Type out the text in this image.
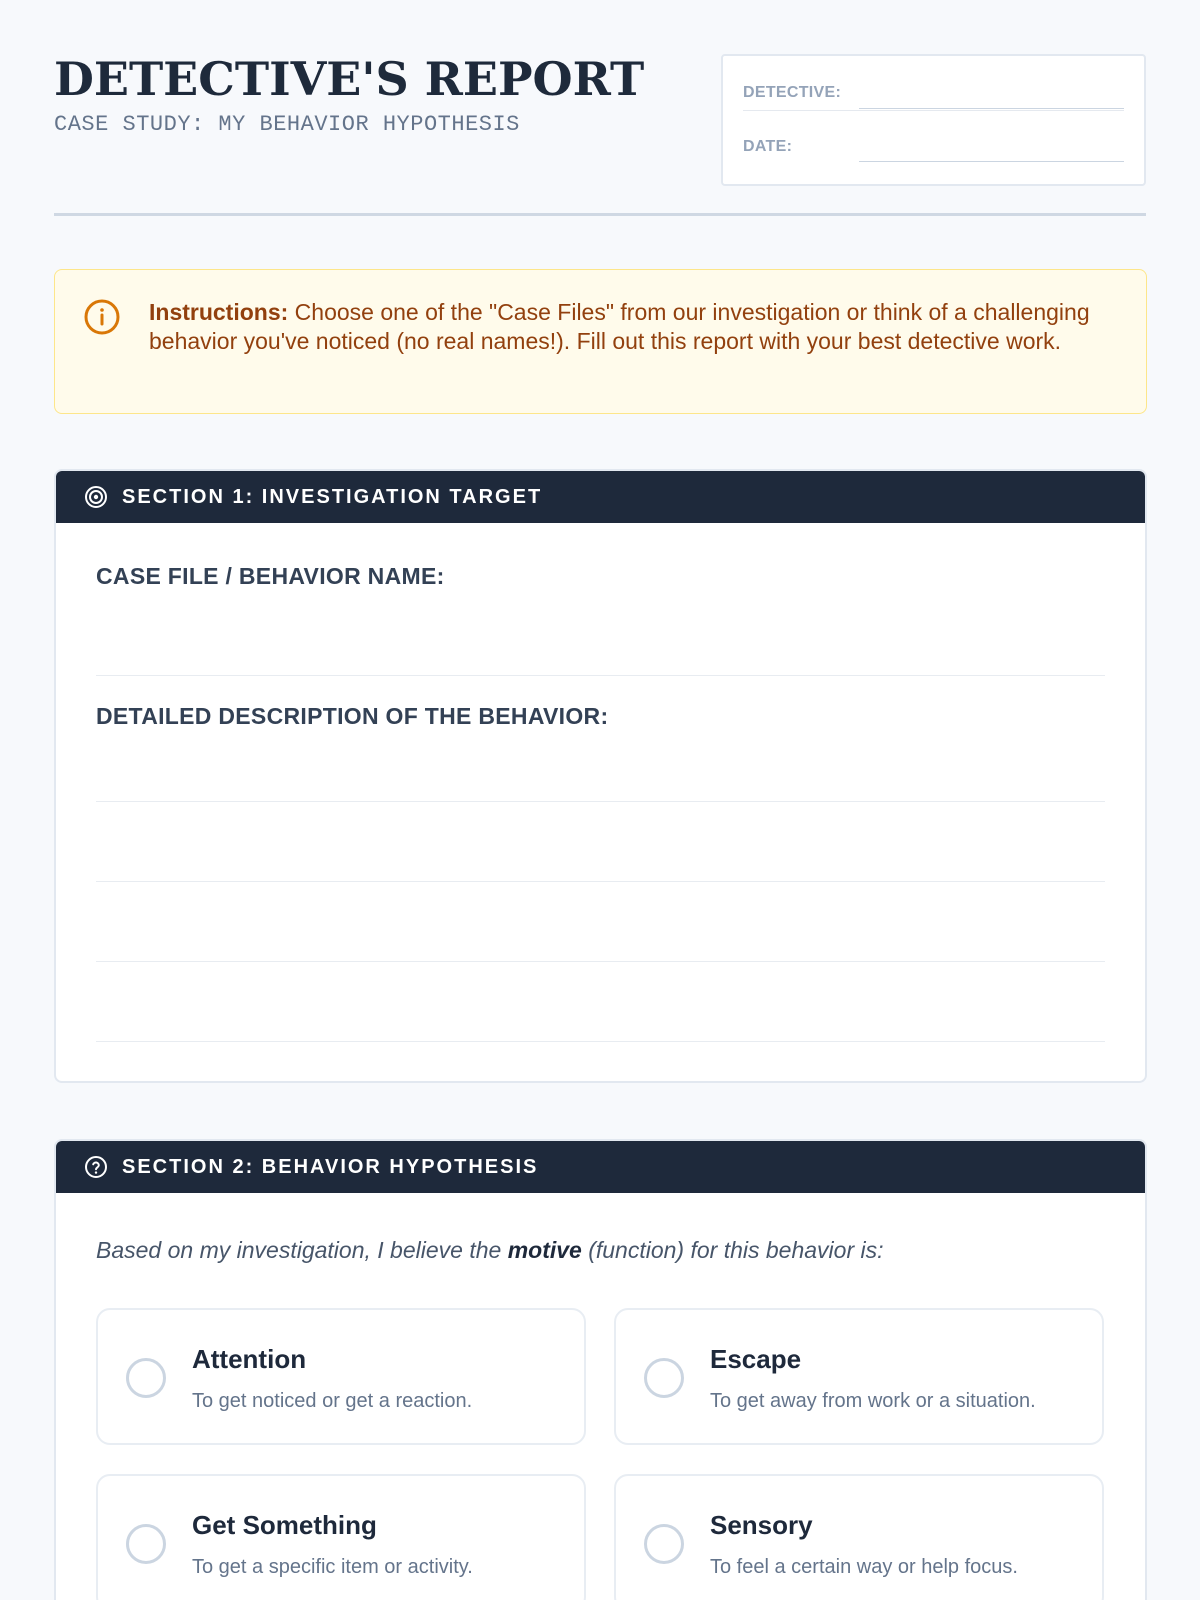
DETECTIVE'S REPORT
CASE STUDY: MY BEHAVIOR HYPOTHESIS
DETECTIVE:
DATE:
Instructions: Choose one of the "Case Files" from our investigation or think of a challenging behavior you've noticed (no real names!). Fill out this report with your best detective work.
SECTION 1: INVESTIGATION TARGET
CASE FILE / BEHAVIOR NAME:
DETAILED DESCRIPTION OF THE BEHAVIOR:
SECTION 2: BEHAVIOR HYPOTHESIS
Based on my investigation, I believe the motive (function) for this behavior is:
Attention
To get noticed or get a reaction.
Escape
To get away from work or a situation.
Get Something
To get a specific item or activity.
Sensory
To feel a certain way or help focus.
